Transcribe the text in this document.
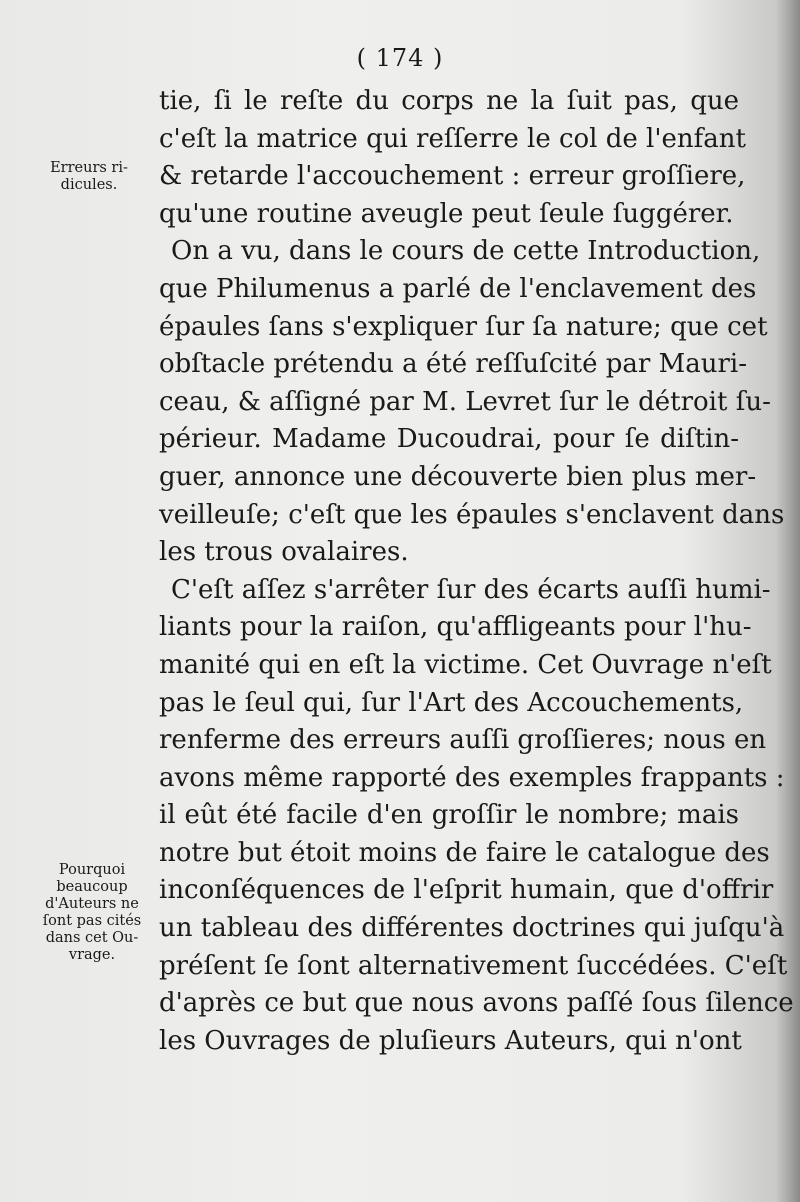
( 174 )
Erreurs ri-
dicules.
Pourquoi
beaucoup
d'Auteurs ne
ſont pas cités
dans cet Ou-
vrage.
tie, ſi le reſte du corps ne la ſuit pas, que
c'eſt la matrice qui reſſerre le col de l'enfant
& retarde l'accouchement : erreur groſſiere,
qu'une routine aveugle peut ſeule ſuggérer.
On a vu, dans le cours de cette Introduction,
que Philumenus a parlé de l'enclavement des
épaules ſans s'expliquer ſur ſa nature; que cet
obſtacle prétendu a été reſſuſcité par Mauri-
ceau, & aſſigné par M. Levret ſur le détroit ſu-
périeur. Madame Ducoudrai, pour ſe diſtin-
guer, annonce une découverte bien plus mer-
veilleuſe; c'eſt que les épaules s'enclavent dans
les trous ovalaires.
C'eſt aſſez s'arrêter ſur des écarts auſſi humi-
liants pour la raiſon, qu'affligeants pour l'hu-
manité qui en eſt la victime. Cet Ouvrage n'eſt
pas le ſeul qui, ſur l'Art des Accouchements,
renferme des erreurs auſſi groſſieres; nous en
avons même rapporté des exemples frappants :
il eût été facile d'en groſſir le nombre; mais
notre but étoit moins de faire le catalogue des
inconſéquences de l'eſprit humain, que d'offrir
un tableau des différentes doctrines qui juſqu'à
préſent ſe ſont alternativement ſuccédées. C'eſt
d'après ce but que nous avons paſſé ſous ſilence
les Ouvrages de pluſieurs Auteurs, qui n'ont
